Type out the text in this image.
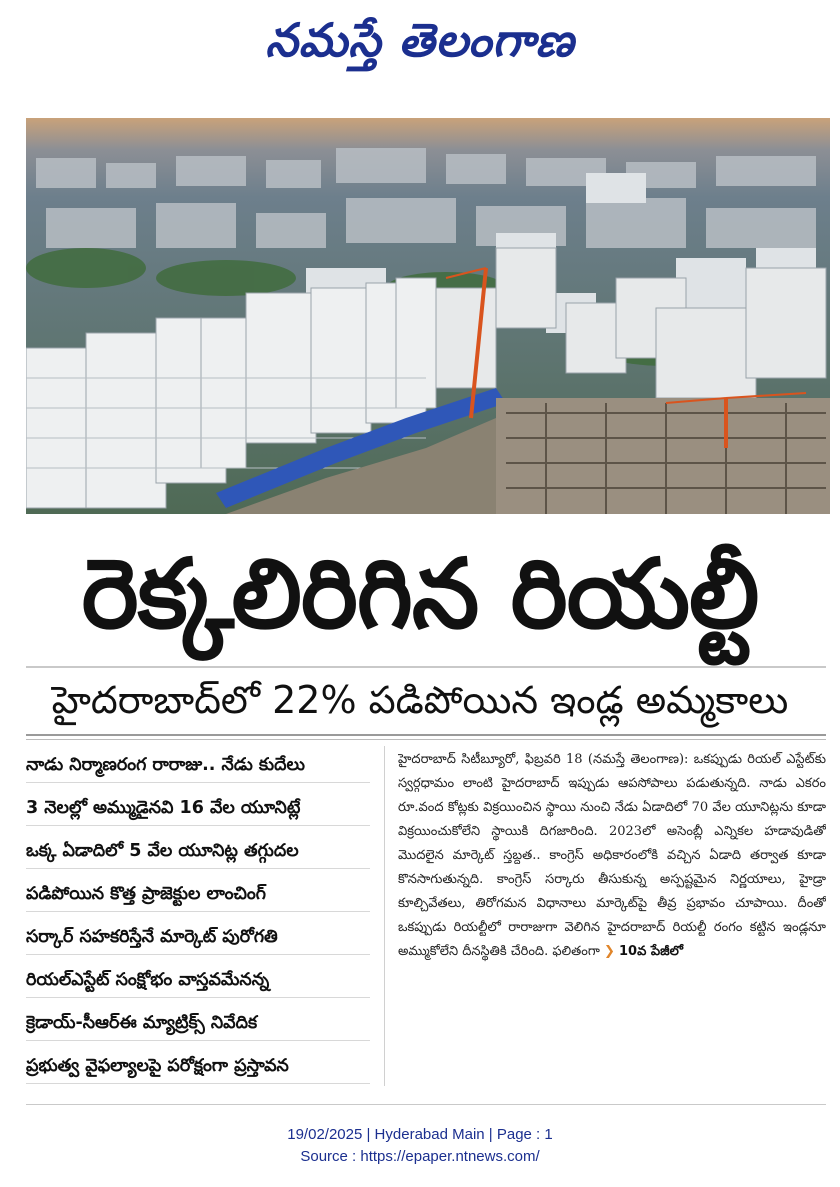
నమస్తే తెలంగాణ
రెక్కలిరిగిన రియల్టీ
హైదరాబాద్‌లో 22% పడిపోయిన ఇండ్ల అమ్మకాలు
నాడు నిర్మాణరంగ రారాజు.. నేడు కుదేలు
3 నెలల్లో అమ్ముడైనవి 16 వేల యూనిట్లే
ఒక్క ఏడాదిలో 5 వేల యూనిట్ల తగ్గుదల
పడిపోయిన కొత్త ప్రాజెక్టుల లాంచింగ్
సర్కార్ సహకరిస్తేనే మార్కెట్ పురోగతి
రియల్‌ఎస్టేట్ సంక్షోభం వాస్తవమేనన్న
క్రెడాయ్-సీఆర్ఈ మ్యాట్రిక్స్ నివేదిక
ప్రభుత్వ వైఫల్యాలపై పరోక్షంగా ప్రస్తావన
హైదరాబాద్ సిటీబ్యూరో, ఫిబ్రవరి 18 (నమస్తే తెలంగాణ): ఒకప్పుడు రియల్ ఎస్టేట్‌కు స్వర్గధామం లాంటి హైదరాబాద్ ఇప్పుడు ఆపసోపాలు పడుతున్నది. నాడు ఎకరం రూ.వంద కోట్లకు విక్రయించిన స్థాయి నుంచి నేడు ఏడాదిలో 70 వేల యూనిట్లను కూడా విక్రయించుకోలేని స్థాయికి దిగజారింది. 2023లో అసెంబ్లీ ఎన్నికల హడావుడితో మొదలైన మార్కెట్ స్తబ్దత.. కాంగ్రెస్ అధికారంలోకి వచ్చిన ఏడాది తర్వాత కూడా కొనసాగుతున్నది. కాంగ్రెస్ సర్కారు తీసుకున్న అస్పష్టమైన నిర్ణయాలు, హైడ్రా కూల్చివేతలు, తిరోగమన విధానాలు మార్కెట్‌పై తీవ్ర ప్రభావం చూపాయి. దీంతో ఒకప్పుడు రియల్టీలో రారాజుగా వెలిగిన హైదరాబాద్ రియల్టీ రంగం కట్టిన ఇండ్లనూ అమ్ముకోలేని దీనస్థితికి చేరింది. ఫలితంగా ❯ 10వ పేజీలో
19/02/2025 | Hyderabad Main | Page : 1
Source : https://epaper.ntnews.com/
